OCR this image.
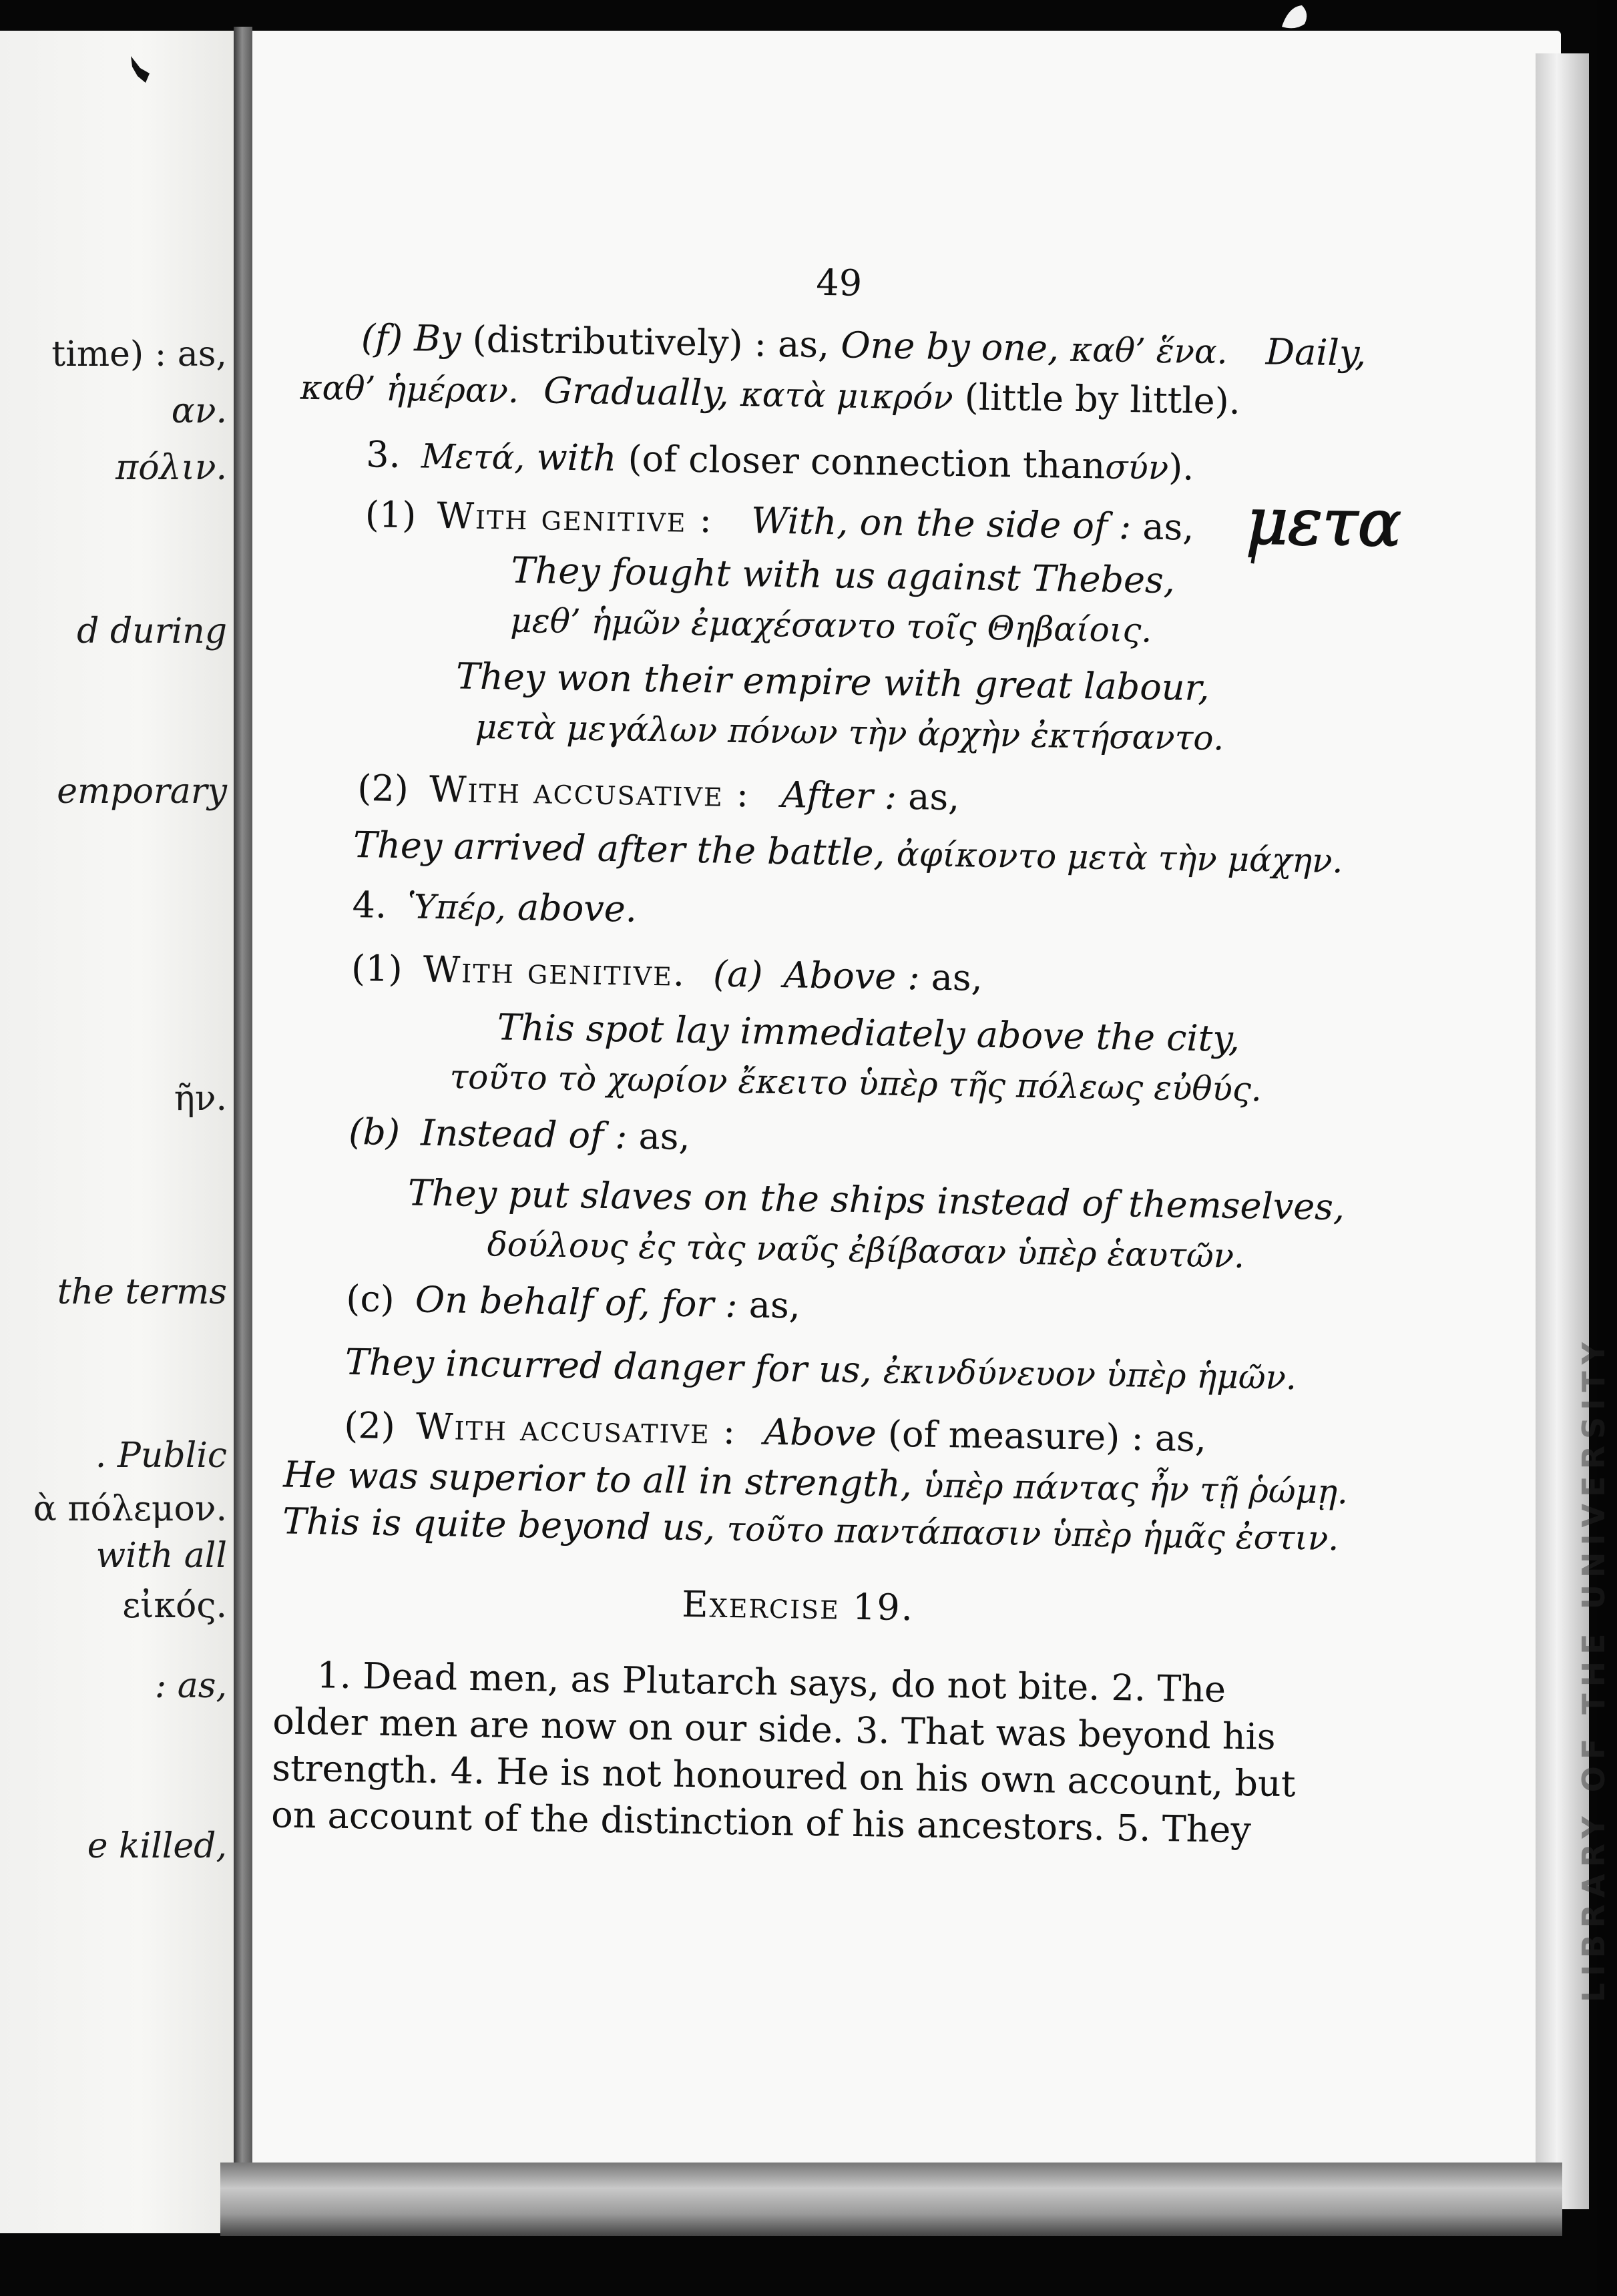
time) : as,
αν.
πόλιν.
d during
emporary
ῆν.
the terms
. Public
ὰ πόλεμον.
with all
εἰκός.
: as,
e killed,
49
(f) By (distributively) : as, One by one, καθ’ ἕνα. Daily,
καθ’ ἡμέραν. Gradually, κατὰ μικρόν (little by little).
3. Μετά, with (of closer connection thanσύν).
(1) With genitive : With, on the side of : as,
They fought with us against Thebes,
μεθ’ ἡμῶν ἐμαχέσαντο τοῖς Θηβαίοις.
They won their empire with great labour,
μετὰ μεγάλων πόνων τὴν ἀρχὴν ἐκτήσαντο.
(2) With accusative : After : as,
They arrived after the battle, ἀφίκοντο μετὰ τὴν μάχην.
4. Ὑπέρ, above.
(1) With genitive. (a) Above : as,
This spot lay immediately above the city,
τοῦτο τὸ χωρίον ἔκειτο ὑπὲρ τῆς πόλεως εὐθύς.
(b) Instead of : as,
They put slaves on the ships instead of themselves,
δούλους ἐς τὰς ναῦς ἐβίβασαν ὑπὲρ ἑαυτῶν.
(c) On behalf of, for : as,
They incurred danger for us, ἐκινδύνευον ὑπὲρ ἡμῶν.
(2) With accusative : Above (of measure) : as,
He was superior to all in strength, ὑπὲρ πάντας ἦν τῇ ῥώμῃ.
This is quite beyond us, τοῦτο παντάπασιν ὑπὲρ ἡμᾶς ἐστιν.
Exercise 19.
1. Dead men, as Plutarch says, do not bite. 2. The
older men are now on our side. 3. That was beyond his
strength. 4. He is not honoured on his own account, but
on account of the distinction of his ancestors. 5. They
μετα
LIBRARY OF THE UNIVERSITY
